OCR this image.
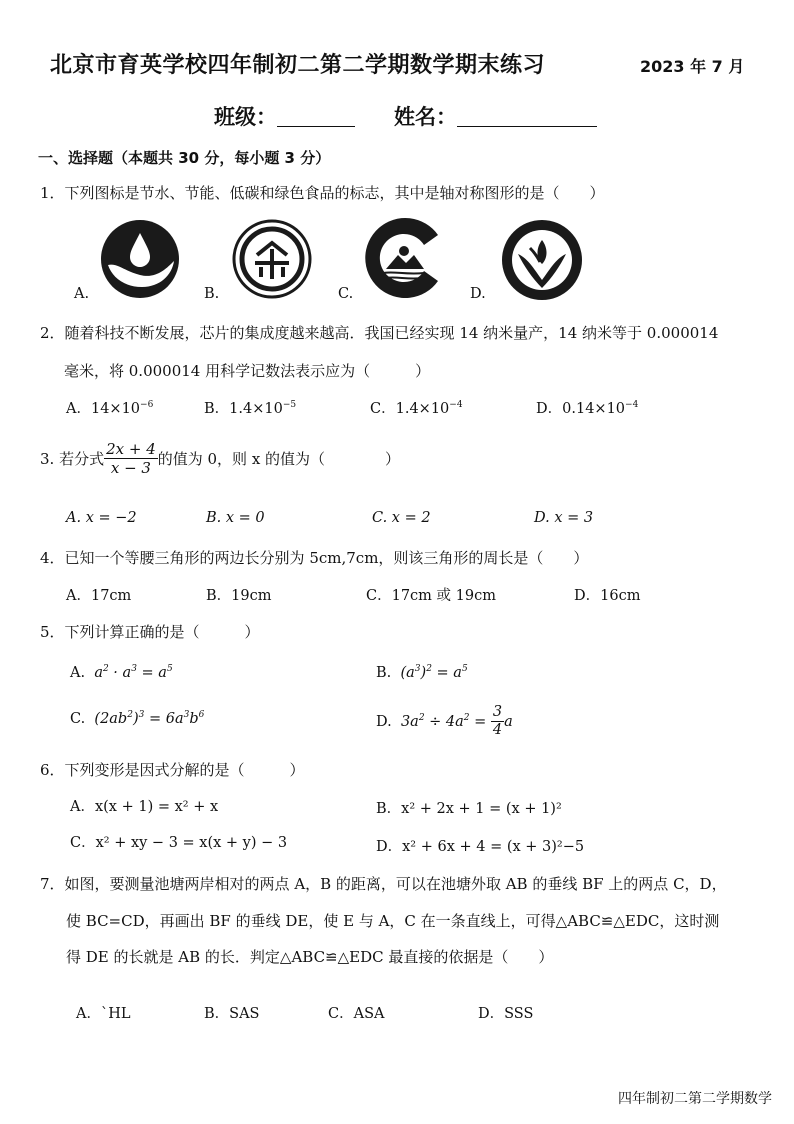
北京市育英学校四年制初二第二学期数学期末练习	2023 年 7 月
班级：	姓名：
一、选择题（本题共 30 分，每小题 3 分）
1．下列图标是节水、节能、低碳和绿色食品的标志，其中是轴对称图形的是（　　）
A.	B.	C.	D.
2．随着科技不断发展，芯片的集成度越来越高．我国已经实现 14 纳米量产，14 纳米等于 0.000014
毫米，将 0.000014 用科学记数法表示应为（　　　）
A．$14\times 10^{-6}$	B．$1.4\times 10^{-5}$	C．$1.4\times 10^{-4}$	D．$0.14\times 10^{-4}$
3. 若分式 $\frac{2x + 4}{x - 3}$ 的值为 0，则 x 的值为（　　　　）
A. x = −2	B. x = 0	C. x = 2	D. x = 3
4．已知一个等腰三角形的两边长分别为 5cm,7cm，则该三角形的周长是（　　）
A．17cm	B．19cm	C．17cm 或 19cm	D．16cm
5．下列计算正确的是（　　　）
A. $a^2 \cdot a^3 = a^5$	B. $(a^3)^2 = a^5$
C. $(2ab^2)^3 = 6a^3b^6$	D. $3a^2 \div 4a^2 = \frac{3}{4}$ a
6．下列变形是因式分解的是（　　　）
A．x(x + 1) = x² + x	B．x² + 2x + 1 = (x + 1)²
C．x² + xy − 3 = x(x + y) − 3	D．x² + 6x + 4 = (x + 3)²−5
7．如图，要测量池塘两岸相对的两点 A，B 的距离，可以在池塘外取 AB 的垂线 BF 上的两点 C，D，
使 BC=CD，再画出 BF 的垂线 DE，使 E 与 A，C 在一条直线上，可得△ABC≌△EDC，这时测
得 DE 的长就是 AB 的长．判定△ABC≌△EDC 最直接的依据是（　　）
A．`HL	B．SAS	C．ASA	D．SSS
四年制初二第二学期数学
